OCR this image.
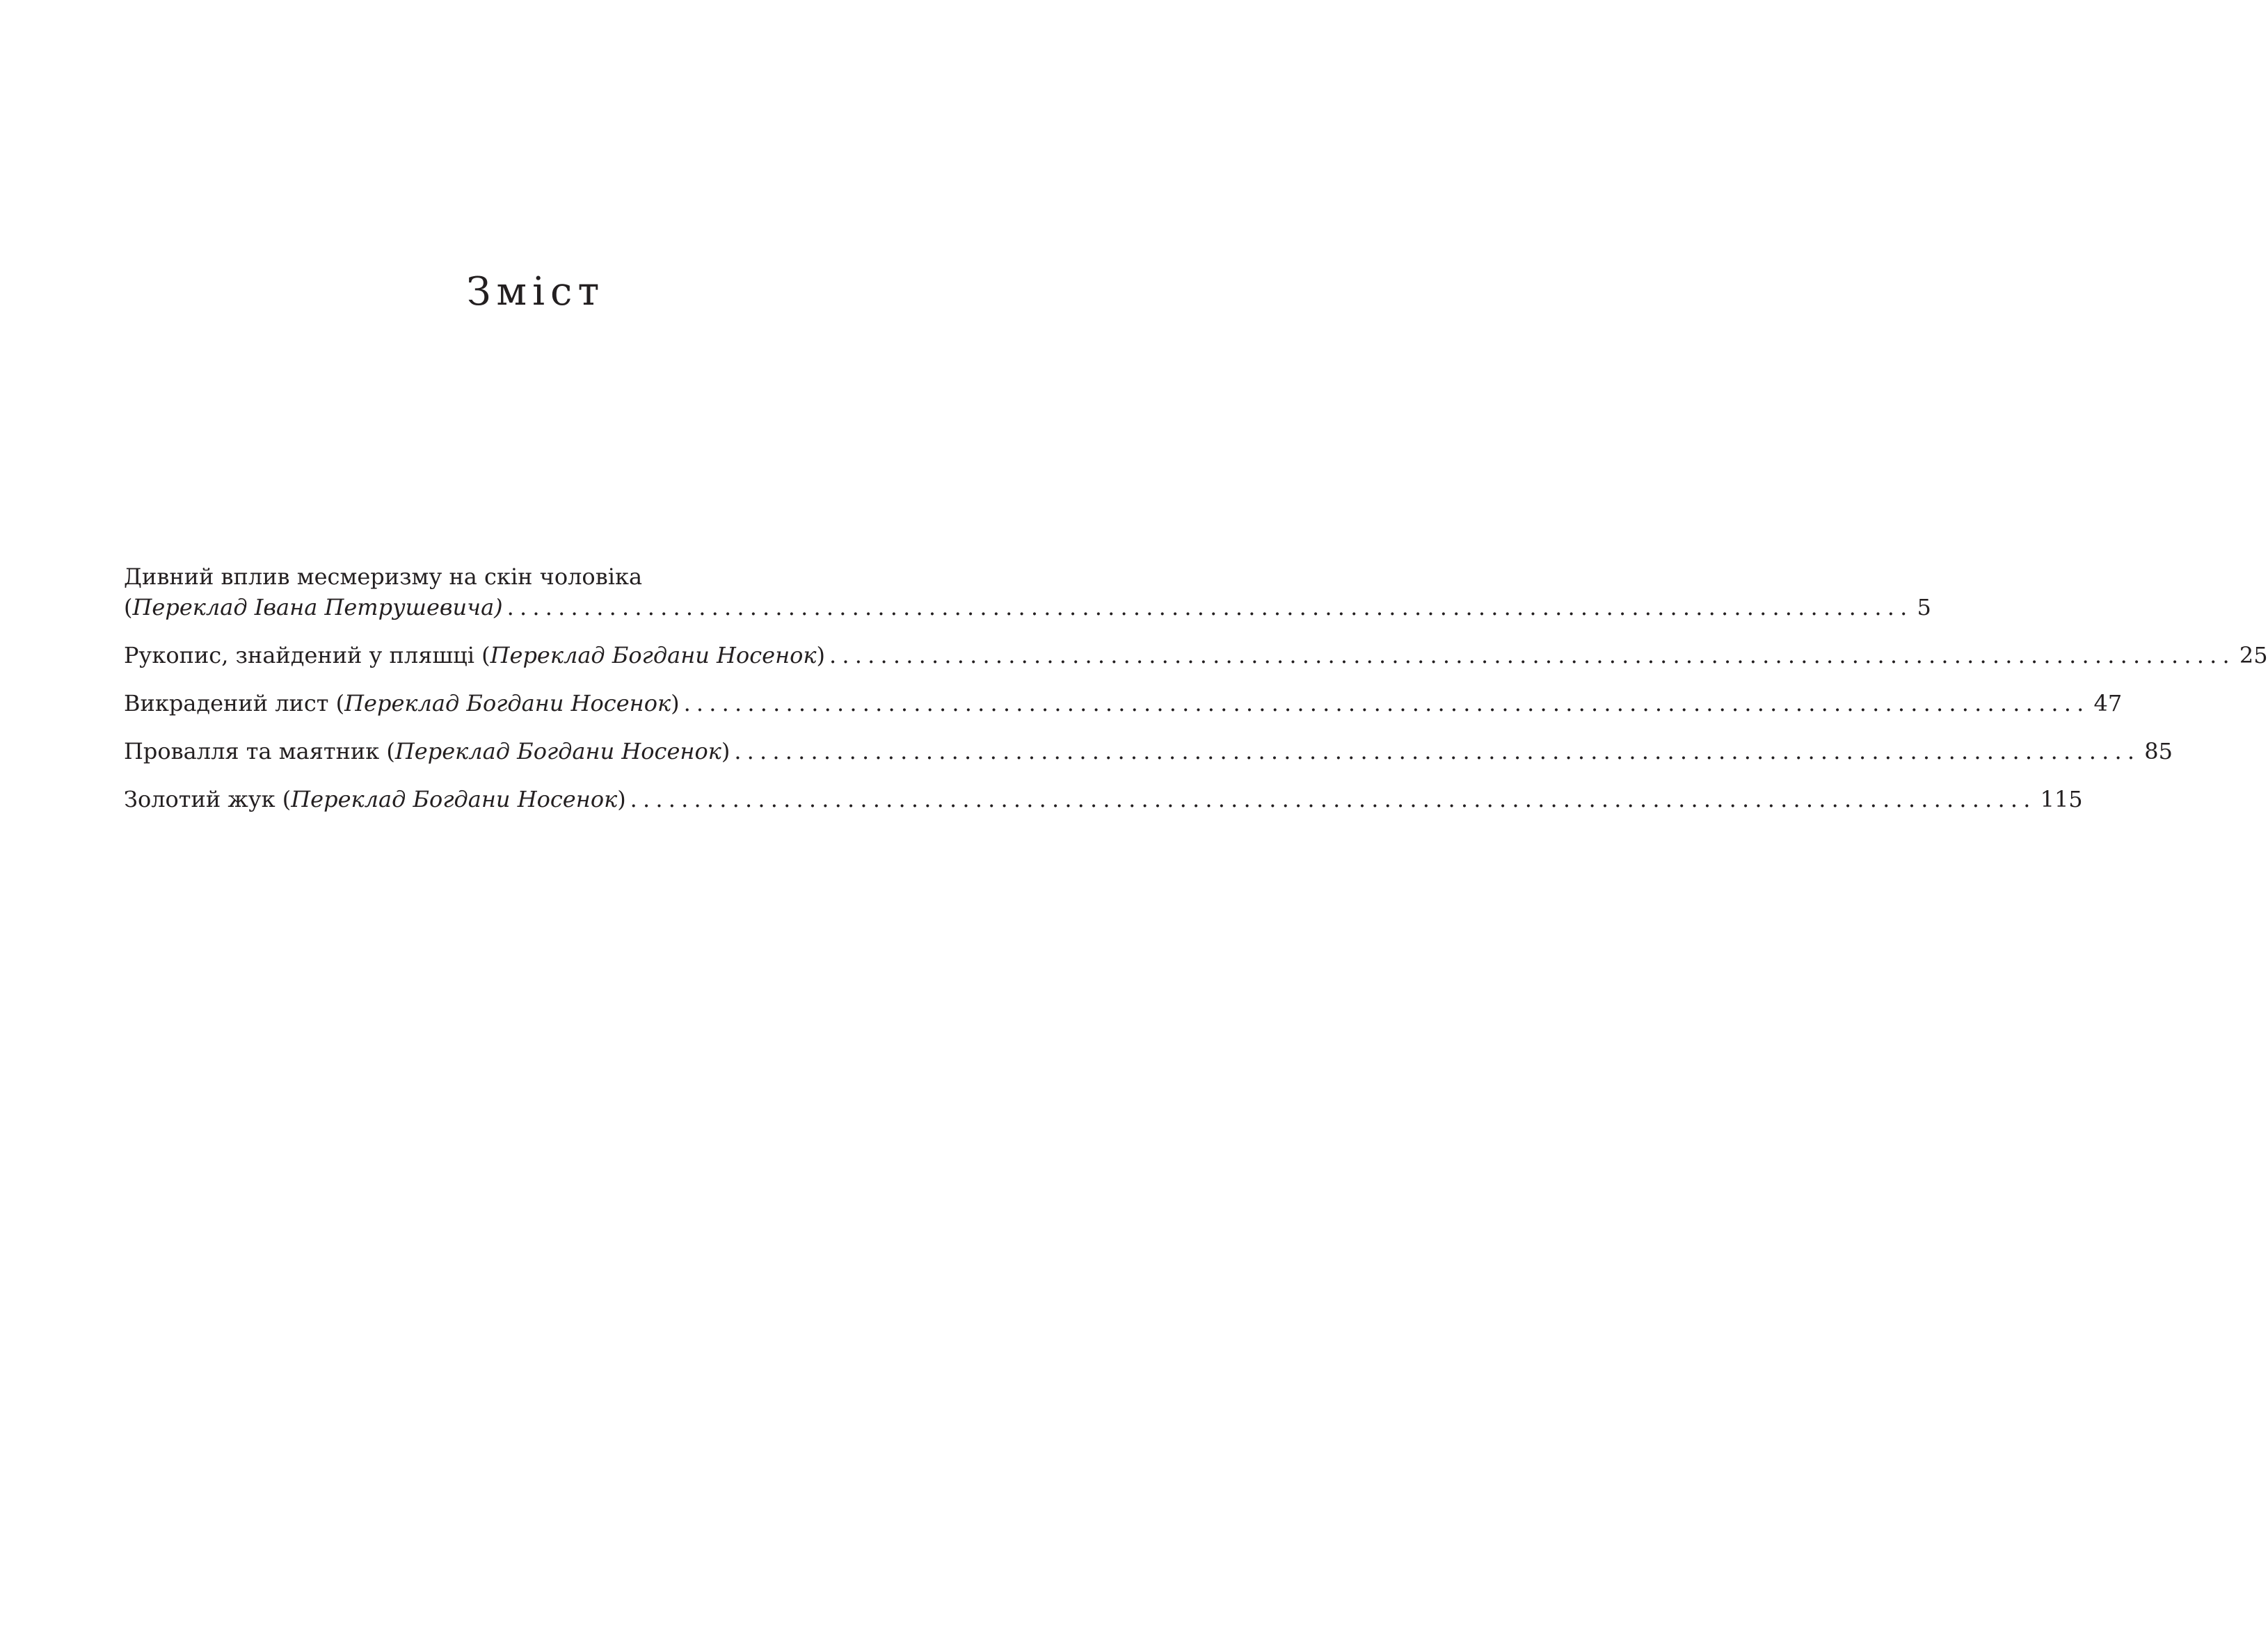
Зміст
Дивний вплив месмеризму на скін чоловіка
(Переклад Івана Петрушевича) .............................................................................................................. 5
Рукопис, знайдений у пляшці (Переклад Богдани Носенок) .............................................................................................................. 25
Викрадений лист (Переклад Богдани Носенок) .............................................................................................................. 47
Провалля та маятник (Переклад Богдани Носенок) .............................................................................................................. 85
Золотий жук (Переклад Богдани Носенок) .............................................................................................................. 115
